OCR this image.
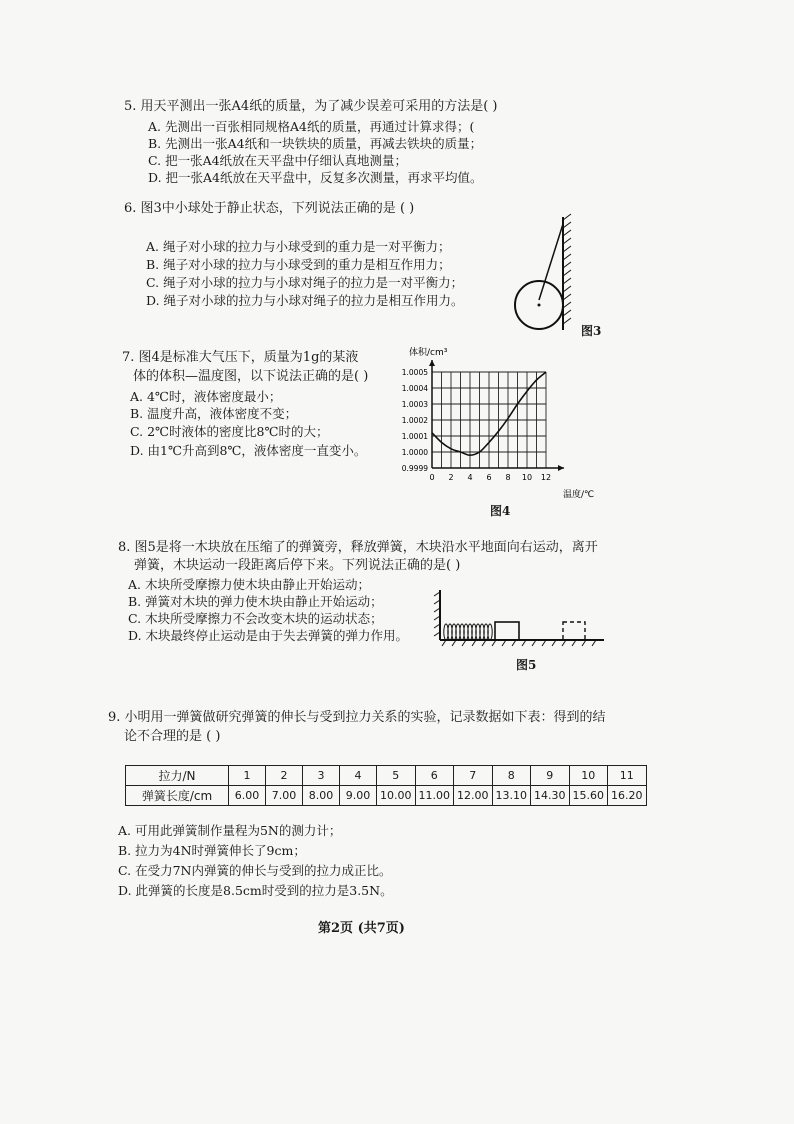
5. 用天平测出一张A4纸的质量，为了减少误差可采用的方法是( )
A. 先测出一百张相同规格A4纸的质量，再通过计算求得；(
B. 先测出一张A4纸和一块铁块的质量，再减去铁块的质量；
C. 把一张A4纸放在天平盘中仔细认真地测量；
D. 把一张A4纸放在天平盘中，反复多次测量，再求平均值。
6. 图3中小球处于静止状态，下列说法正确的是 ( )
A. 绳子对小球的拉力与小球受到的重力是一对平衡力；
B. 绳子对小球的拉力与小球受到的重力是相互作用力；
C. 绳子对小球的拉力与小球对绳子的拉力是一对平衡力；
D. 绳子对小球的拉力与小球对绳子的拉力是相互作用力。
图3
7. 图4是标准大气压下，质量为1g的某液
体的体积—温度图，以下说法正确的是( )
A. 4℃时，液体密度最小；
B. 温度升高，液体密度不变；
C. 2℃时液体的密度比8℃时的大；
D. 由1℃升高到8℃，液体密度一直变小。
0.9999
1.0000
1.0001
1.0002
1.0003
1.0004
1.0005
0 2 4 6 8 10 12
体积/cm³
温度/℃
图4
8. 图5是将一木块放在压缩了的弹簧旁，释放弹簧，木块沿水平地面向右运动，离开
弹簧，木块运动一段距离后停下来。下列说法正确的是( )
A. 木块所受摩擦力使木块由静止开始运动；
B. 弹簧对木块的弹力使木块由静止开始运动；
C. 木块所受摩擦力不会改变木块的运动状态；
D. 木块最终停止运动是由于失去弹簧的弹力作用。
图5
9. 小明用一弹簧做研究弹簧的伸长与受到拉力关系的实验，记录数据如下表：得到的结
论不合理的是 ( )
拉力/N	1	2	3	4	5	6	7	8	9	10	11
弹簧长度/cm	6.00	7.00	8.00	9.00	10.00	11.00	12.00	13.10	14.30	15.60	16.20
A. 可用此弹簧制作量程为5N的测力计；
B. 拉力为4N时弹簧伸长了9cm；
C. 在受力7N内弹簧的伸长与受到的拉力成正比。
D. 此弹簧的长度是8.5cm时受到的拉力是3.5N。
第2页 (共7页)
